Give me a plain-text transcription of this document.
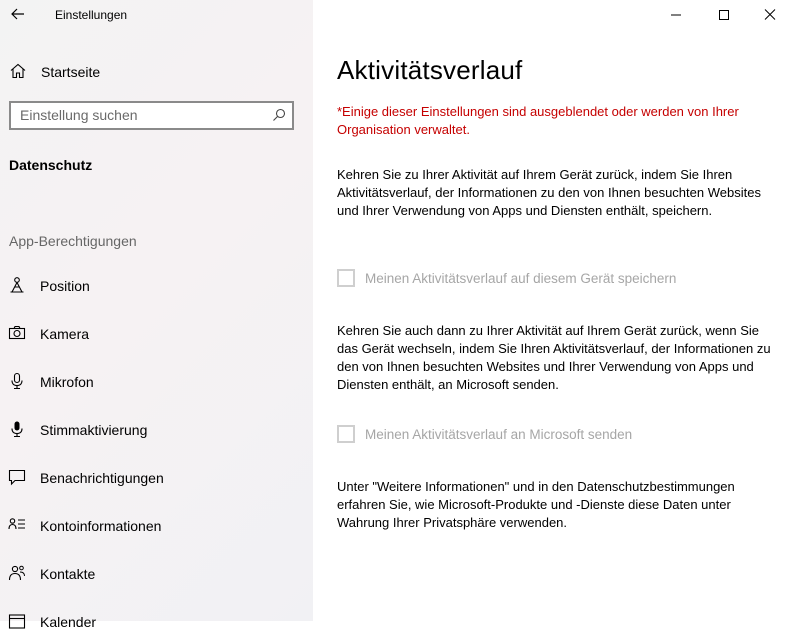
Einstellungen
Startseite
Einstellung suchen
Datenschutz
App-Berechtigungen
Position
Kamera
Mikrofon
Stimmaktivierung
Benachrichtigungen
Kontoinformationen
Kontakte
Kalender
Aktivitätsverlauf
*Einige dieser Einstellungen sind ausgeblendet oder werden von Ihrer Organisation verwaltet.
Kehren Sie zu Ihrer Aktivität auf Ihrem Gerät zurück, indem Sie Ihren Aktivitätsverlauf, der Informationen zu den von Ihnen besuchten Websites und Ihrer Verwendung von Apps und Diensten enthält, speichern.
Meinen Aktivitätsverlauf auf diesem Gerät speichern
Kehren Sie auch dann zu Ihrer Aktivität auf Ihrem Gerät zurück, wenn Sie das Gerät wechseln, indem Sie Ihren Aktivitätsverlauf, der Informationen zu den von Ihnen besuchten Websites und Ihrer Verwendung von Apps und Diensten enthält, an Microsoft senden.
Meinen Aktivitätsverlauf an Microsoft senden
Unter "Weitere Informationen" und in den Datenschutzbestimmungen erfahren Sie, wie Microsoft-Produkte und -Dienste diese Daten unter Wahrung Ihrer Privatsphäre verwenden.
